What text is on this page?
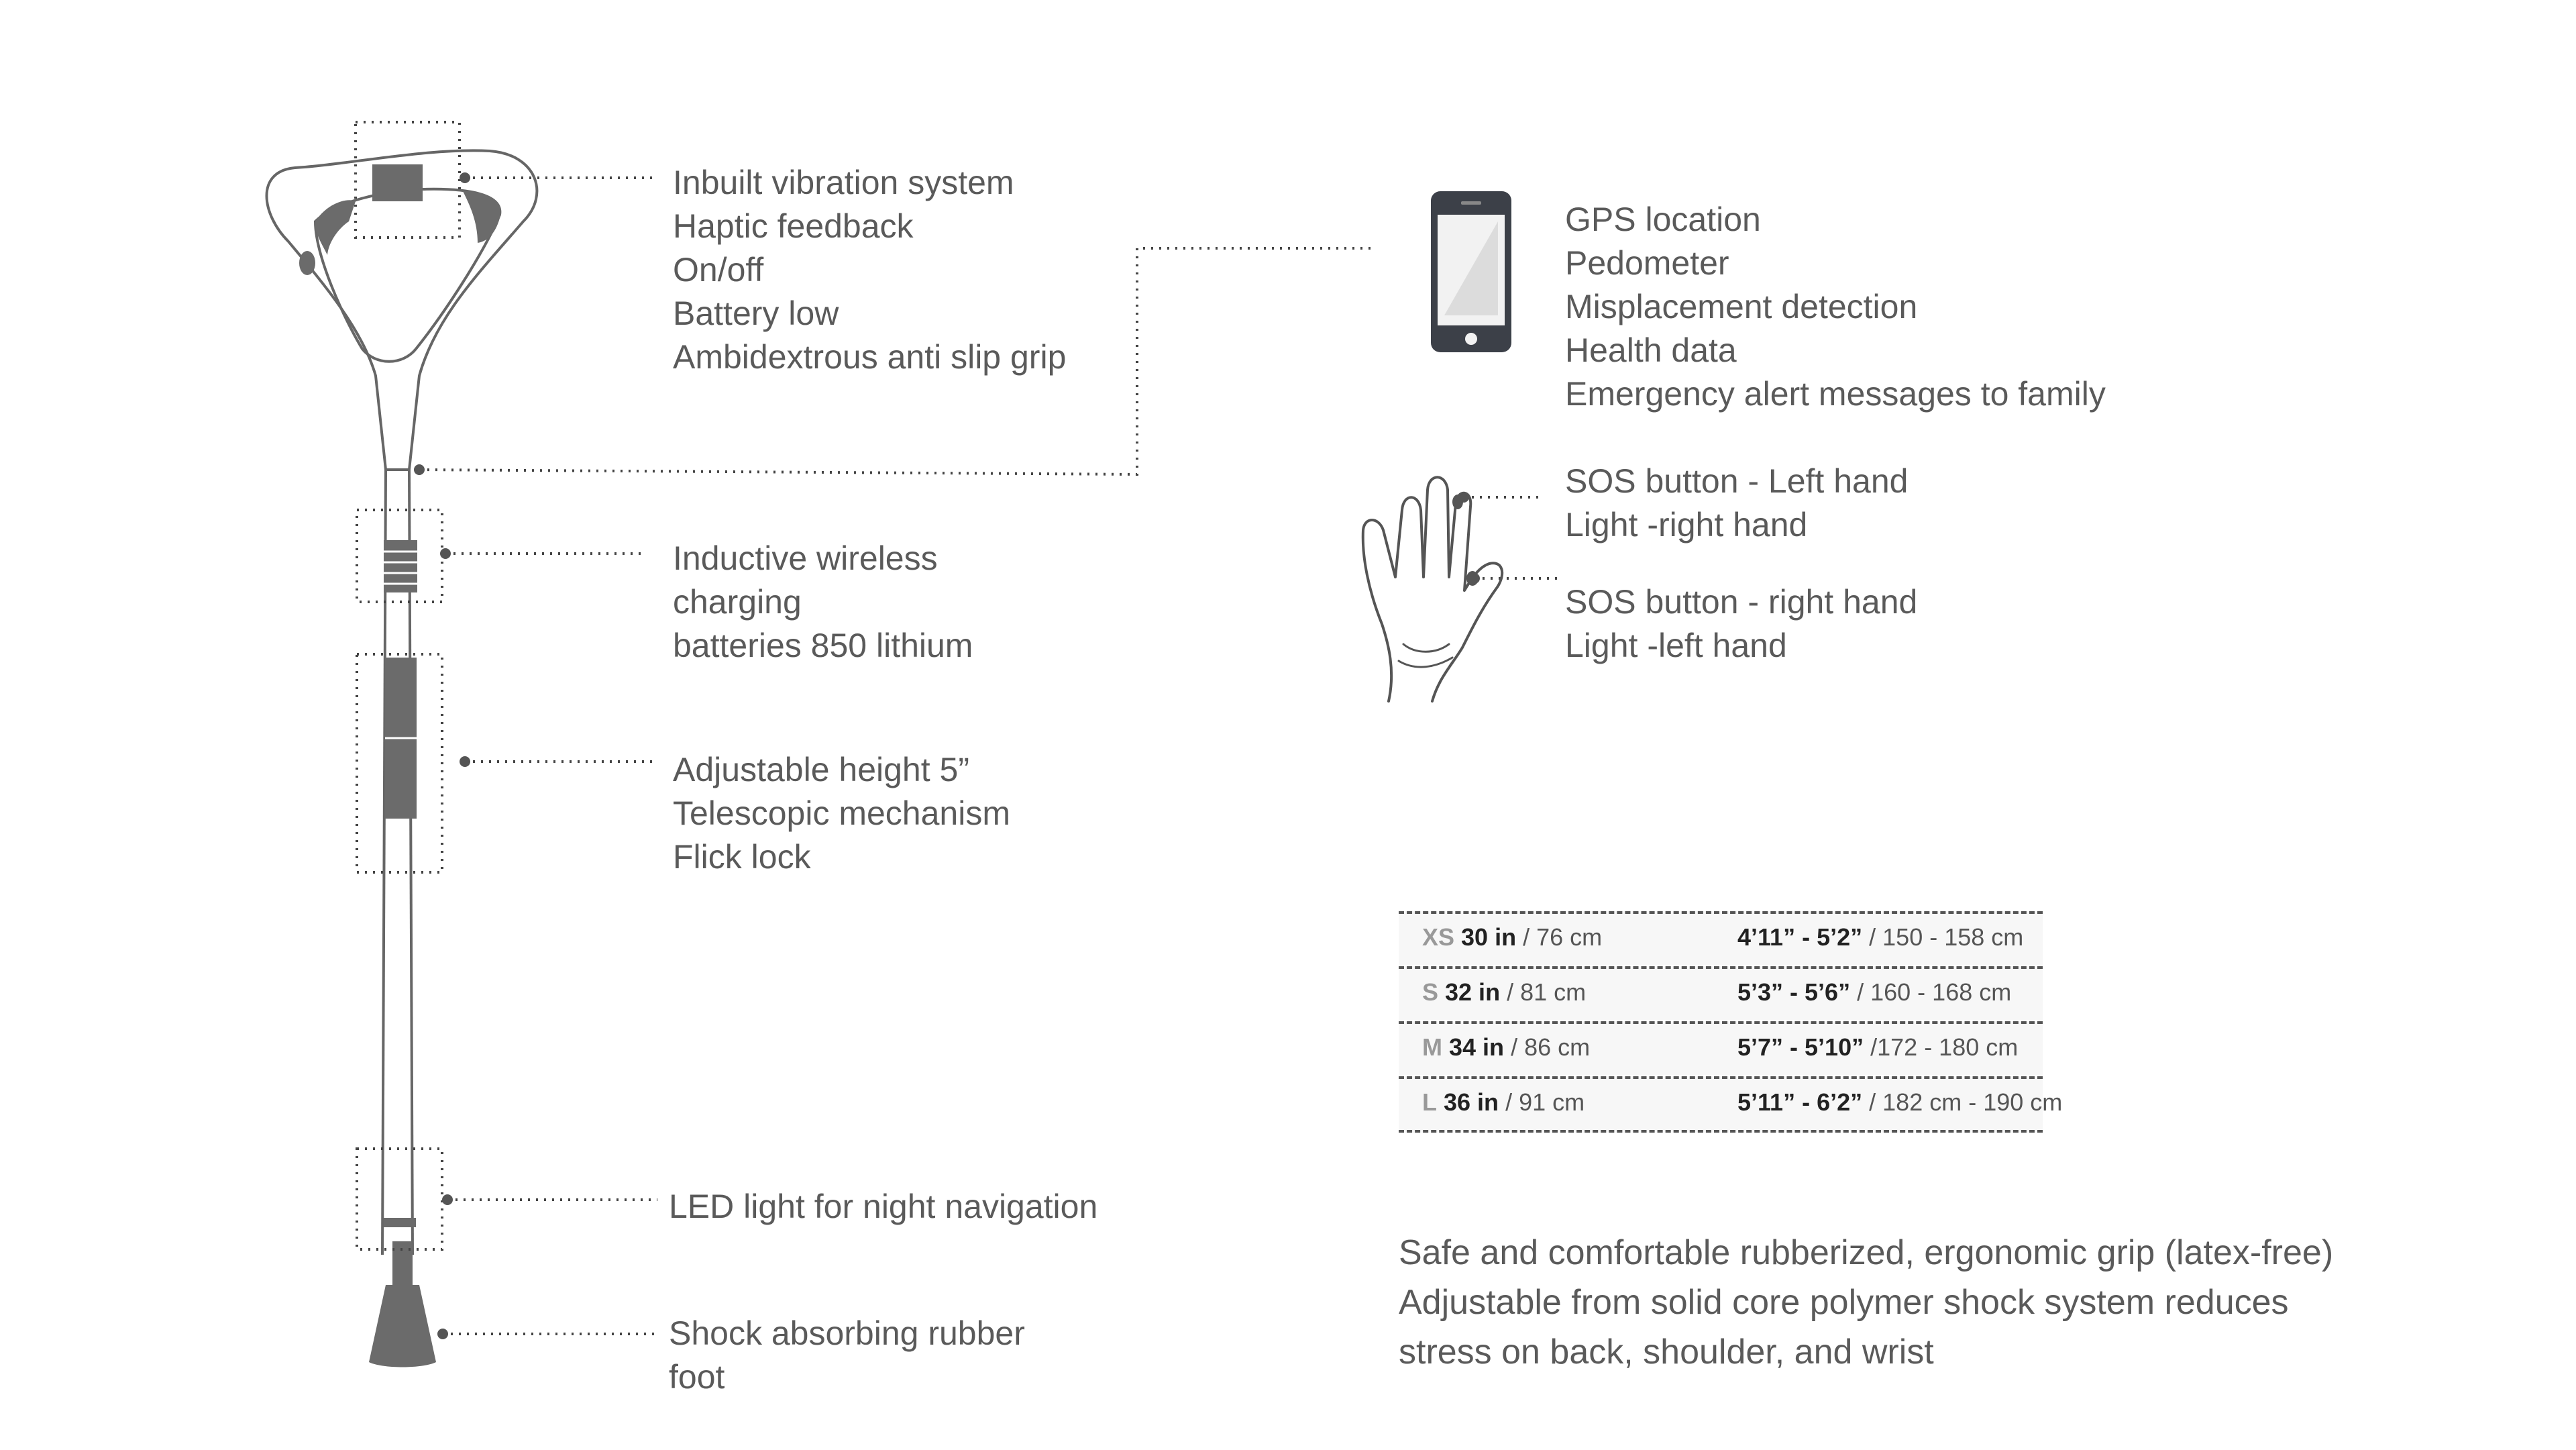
Inbuilt vibration system
Haptic feedback
On/off
Battery low
Ambidextrous anti slip grip
Inductive wireless
charging
batteries 850 lithium
Adjustable height 5”
Telescopic mechanism
Flick lock
LED light for night navigation
Shock absorbing rubber
foot
GPS location
Pedometer
Misplacement detection
Health data
Emergency alert messages to family
SOS button - Left hand
Light -right hand
SOS button - right hand
Light -left hand
XS 30 in / 76 cm	4’11” - 5’2” / 150 - 158 cm
S 32 in / 81 cm	5’3” - 5’6” / 160 - 168 cm
M 34 in / 86 cm	5’7” - 5’10” /172 - 180 cm
L 36 in / 91 cm	5’11” - 6’2” / 182 cm - 190 cm
Safe and comfortable rubberized, ergonomic grip (latex-free)
Adjustable from solid core polymer shock system reduces
stress on back, shoulder, and wrist
